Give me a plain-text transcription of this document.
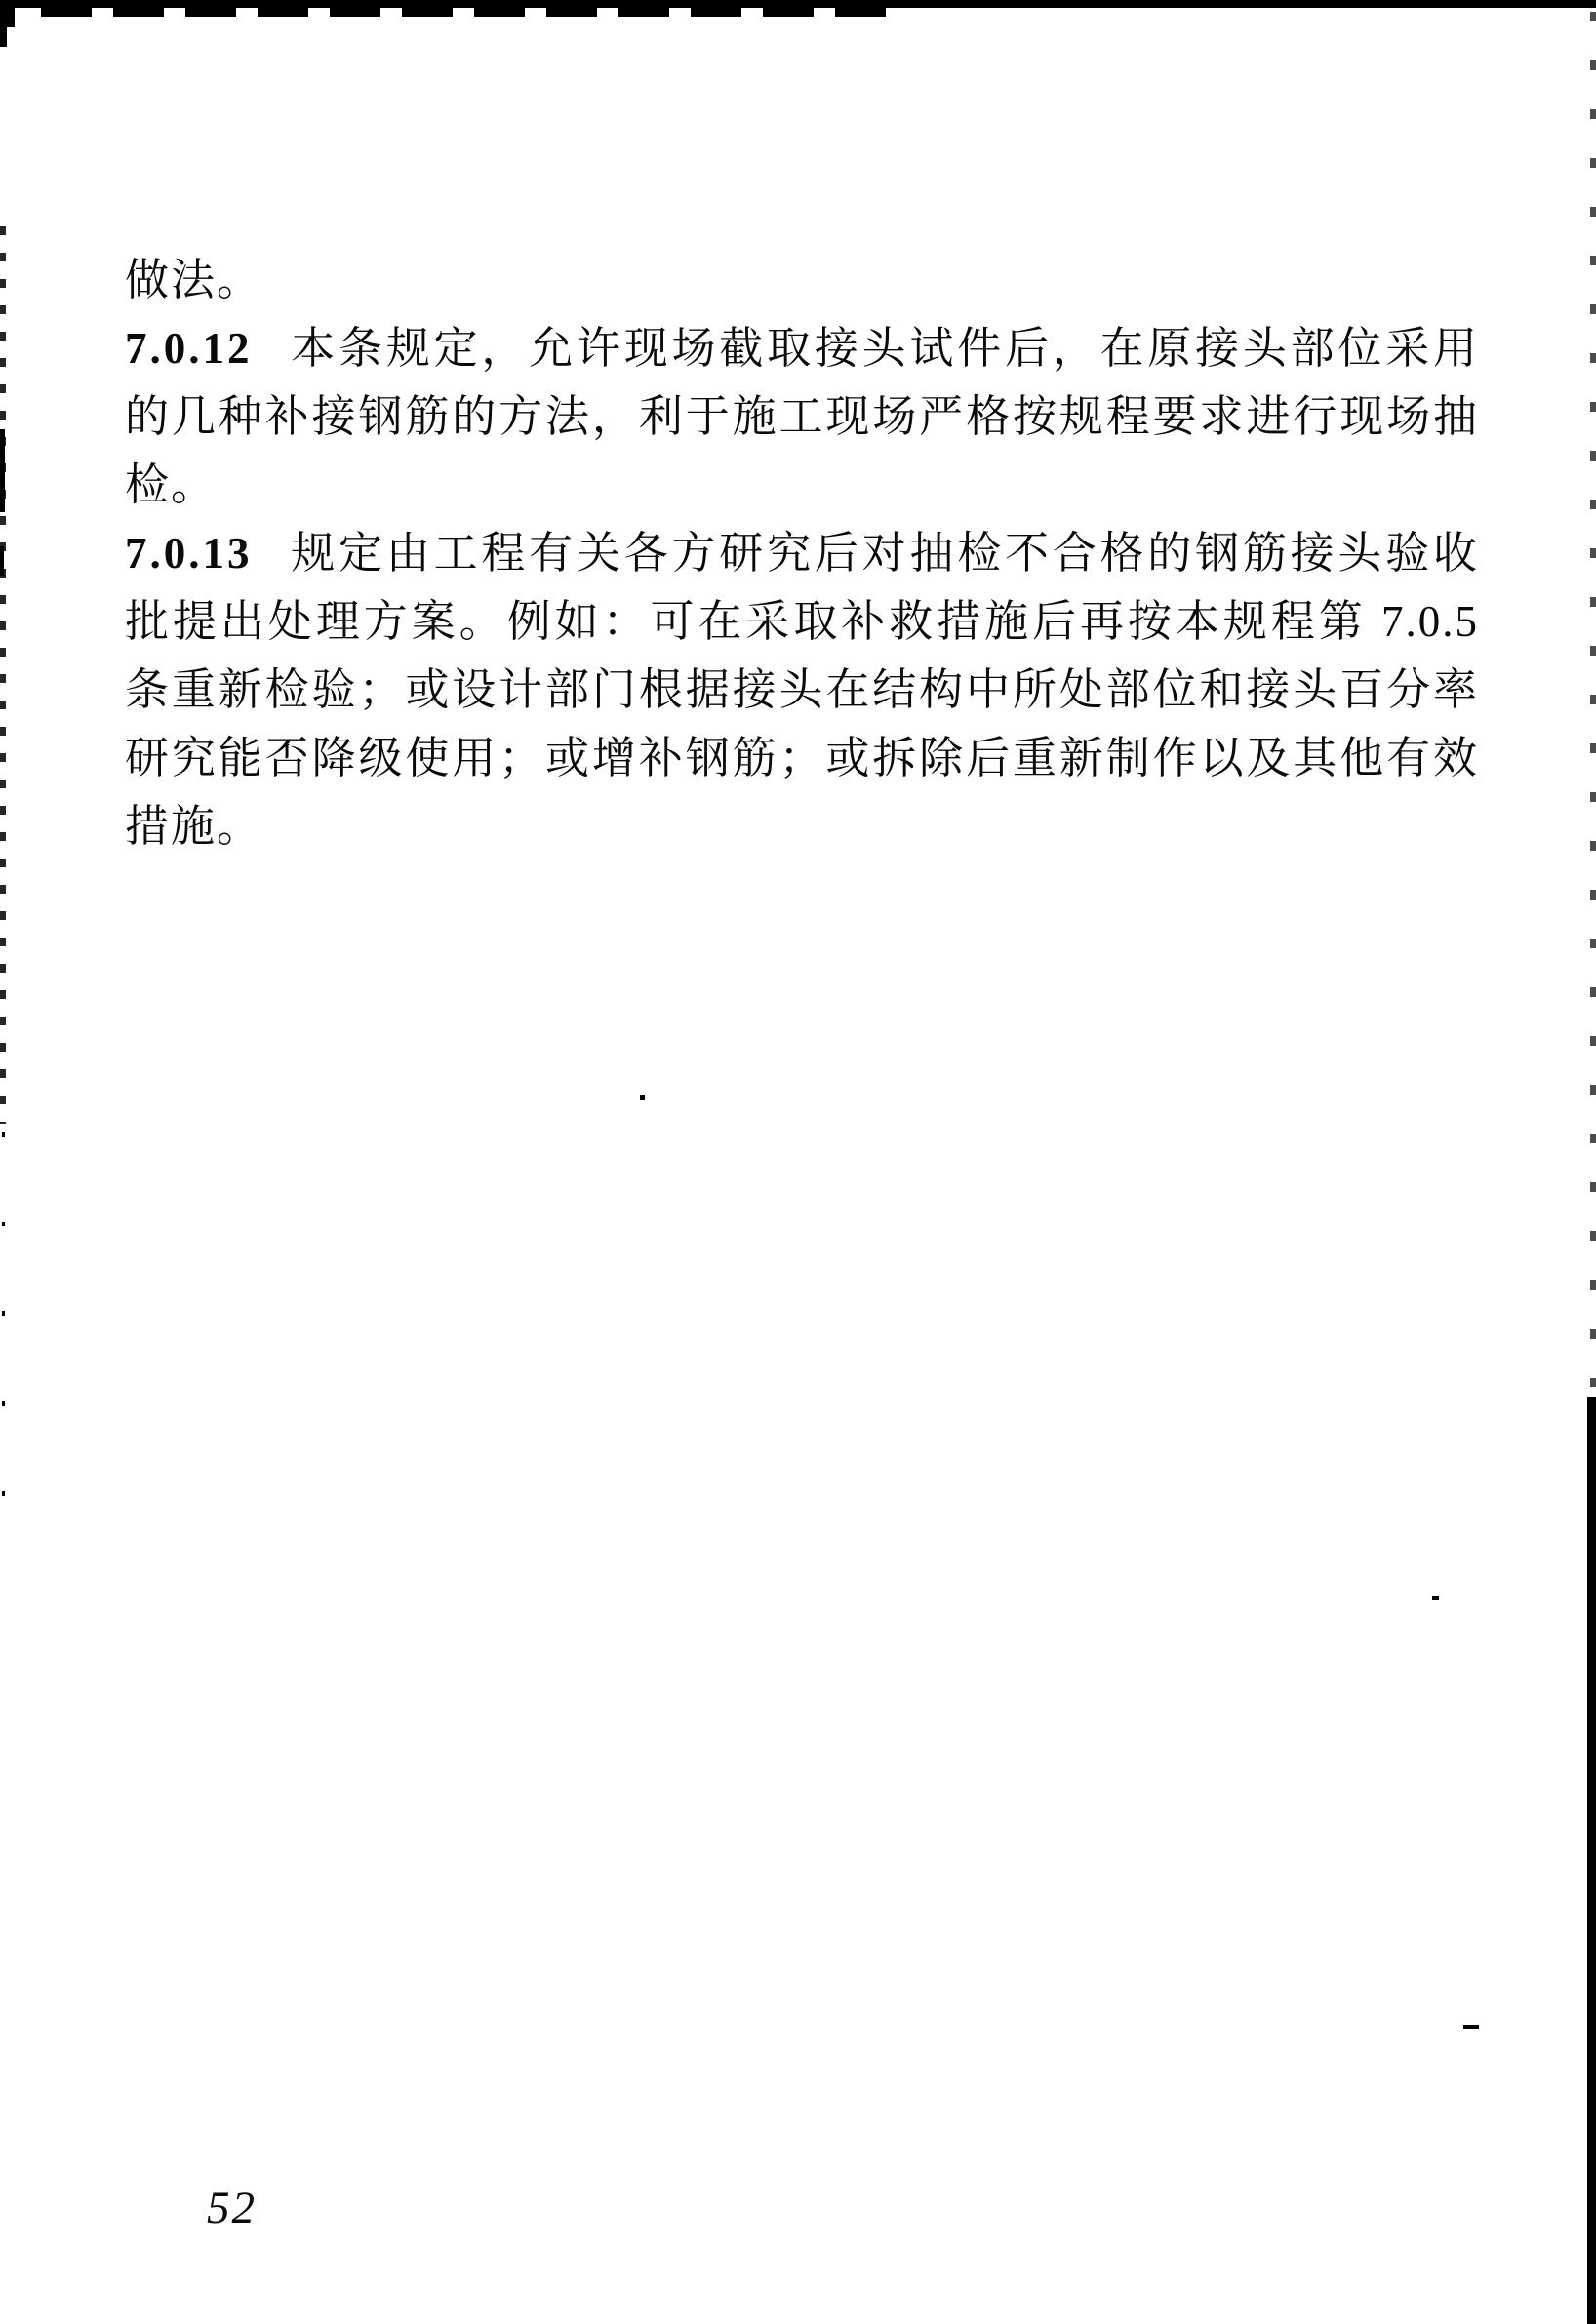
做法。

7.0.12 本条规定，允许现场截取接头试件后，在原接头部位采用的几种补接钢筋的方法，利于施工现场严格按规程要求进行现场抽检。

7.0.13 规定由工程有关各方研究后对抽检不合格的钢筋接头验收批提出处理方案。例如：可在采取补救措施后再按本规程第 7.0.5 条重新检验；或设计部门根据接头在结构中所处部位和接头百分率研究能否降级使用；或增补钢筋；或拆除后重新制作以及其他有效措施。

52
